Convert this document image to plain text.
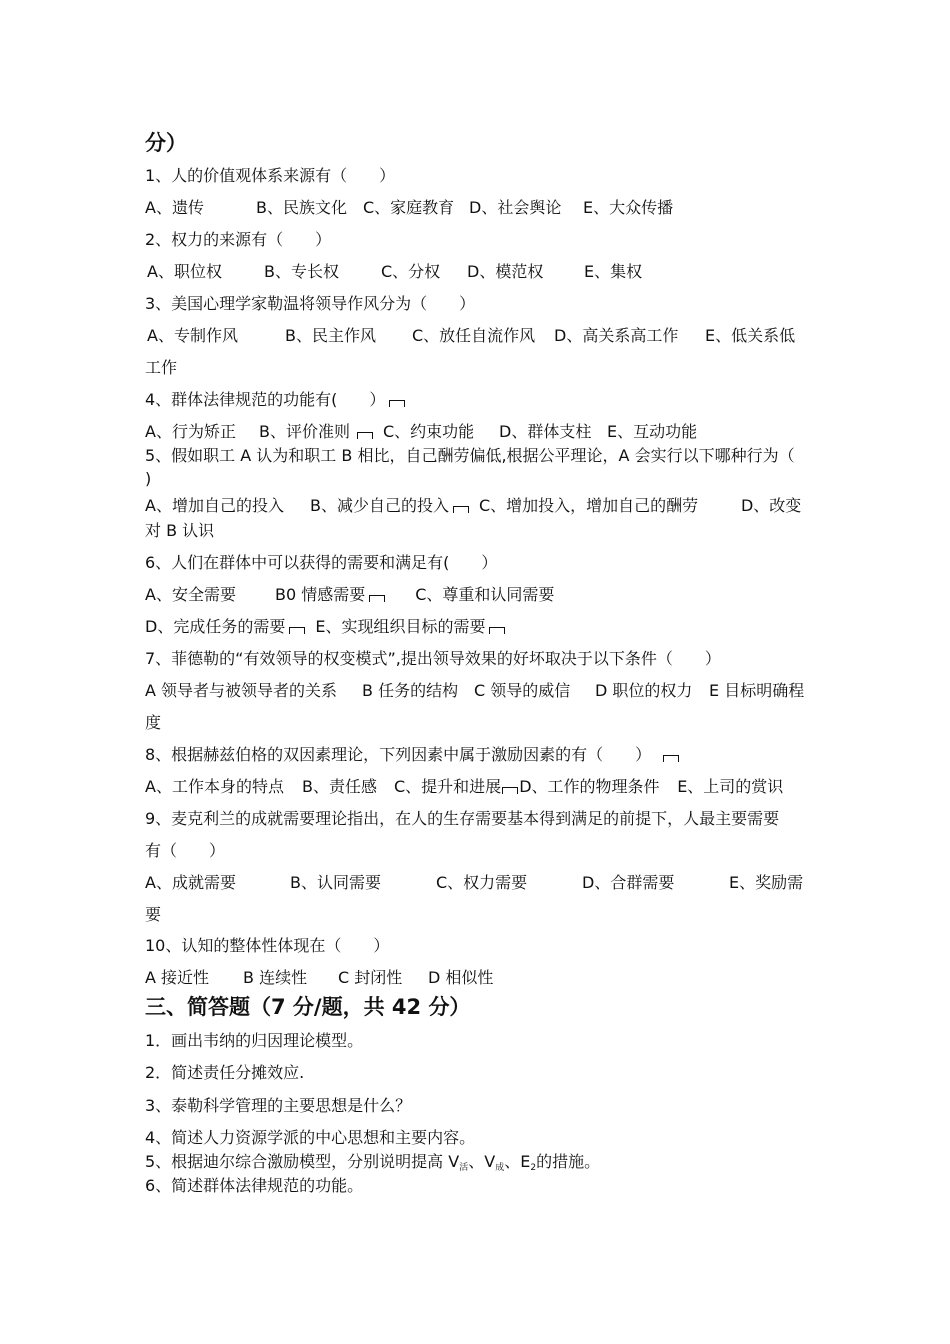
分）
1、人的价值观体系来源有（　　）
A、遗传	B、民族文化 C、家庭教育 D、社会舆论 E、大众传播
2、权力的来源有（　　）
A、职位权	B、专长权	C、分权 D、模范权	E、集权
3、美国心理学家勒温将领导作风分为（　　）
A、专制作风	B、民主作风 C、放任自流作风 D、高关系高工作 E、低关系低
工作
4、群体法律规范的功能有(　　）
A、行为矫正 B、评价准则 C、约束功能 D、群体支柱 E、互动功能
5、假如职工 A 认为和职工 B 相比，自己酬劳偏低,根据公平理论，A 会实行以下哪种行为（
)
A、增加自己的投入 B、减少自己的投入 C、增加投入，增加自己的酬劳	D、改变
对 B 认识
6、人们在群体中可以获得的需要和满足有(　　）
A、安全需要 B0 情感需要	C、尊重和认同需要
D、完成任务的需要 E、实现组织目标的需要
7、菲德勒的“有效领导的权变模式”,提出领导效果的好坏取决于以下条件（　　）
A 领导者与被领导者的关系 B 任务的结构 C 领导的威信 D 职位的权力 E 目标明确程
度
8、根据赫兹伯格的双因素理论，下列因素中属于激励因素的有（　　）
A、工作本身的特点 B、责任感 C、提升和进展 D、工作的物理条件 E、上司的赏识
9、麦克利兰的成就需要理论指出，在人的生存需要基本得到满足的前提下，人最主要需要
有（　　）
A、成就需要	B、认同需要	C、权力需要	D、合群需要	E、奖励需
要
10、认知的整体性体现在（　　）
A 接近性 B 连续性 C 封闭性 D 相似性
三、简答题（7 分/题，共 42 分）
1．画出韦纳的归因理论模型。
2．简述责任分摊效应.
3、泰勒科学管理的主要思想是什么？
4、简述人力资源学派的中心思想和主要内容。
5、根据迪尔综合激励模型，分别说明提高 $V_活$、$V_成$、$E_2$的措施。
6、简述群体法律规范的功能。
